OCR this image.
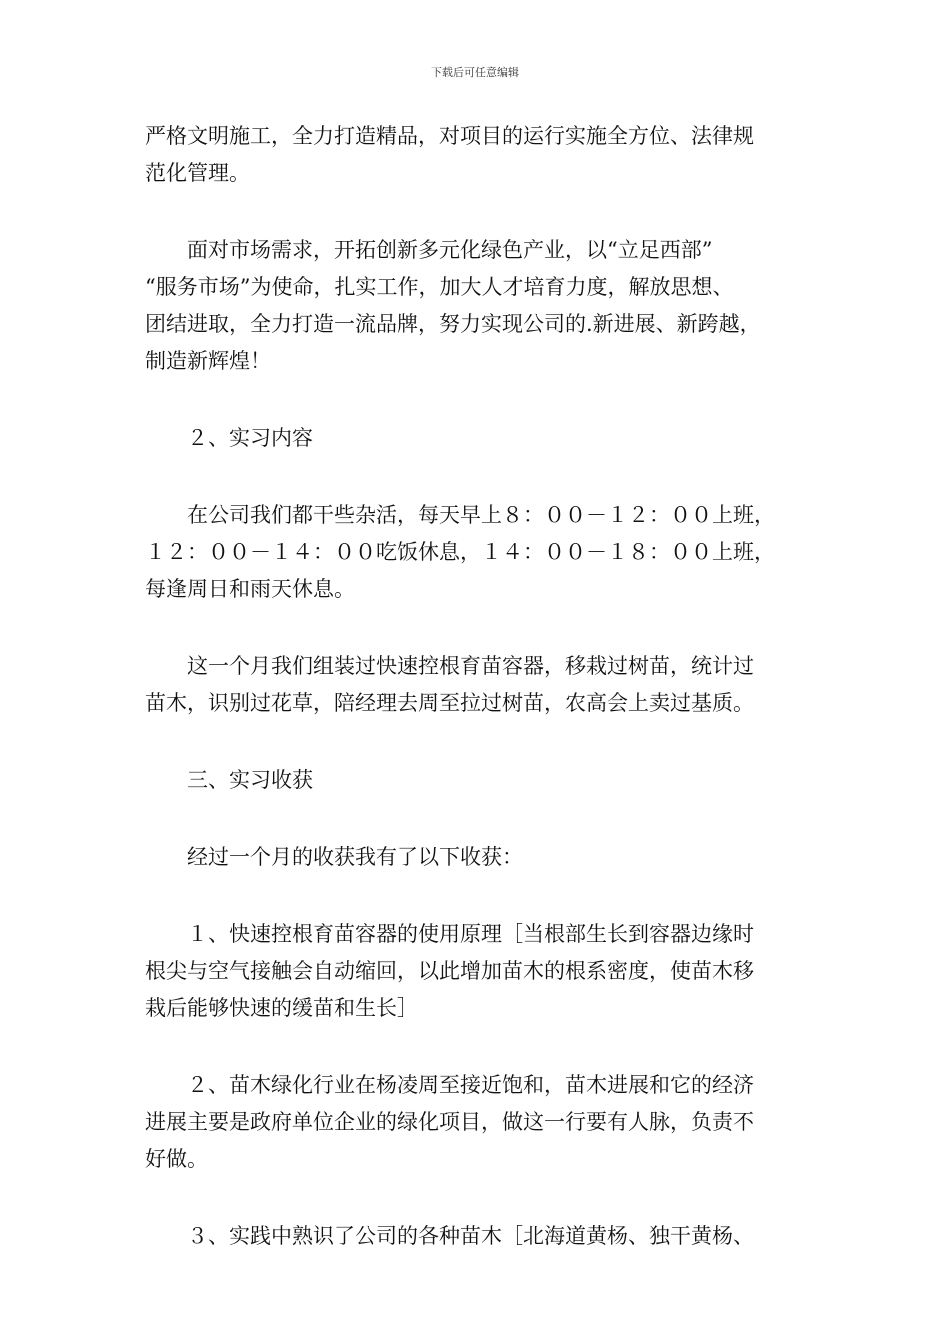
下载后可任意编辑

严格文明施工，全力打造精品，对项目的运行实施全方位、法律规
范化管理。

　　面对市场需求，开拓创新多元化绿色产业，以“立足西部”
“服务市场”为使命，扎实工作，加大人才培育力度，解放思想、
团结进取，全力打造一流品牌，努力实现公司的.新进展、新跨越，
制造新辉煌！

　　２、实习内容

　　在公司我们都干些杂活，每天早上８：００－１２：００上班，
１２：００－１４：００吃饭休息，１４：００－１８：００上班，
每逢周日和雨天休息。

　　这一个月我们组装过快速控根育苗容器，移栽过树苗，统计过
苗木，识别过花草，陪经理去周至拉过树苗，农高会上卖过基质。

　　三、实习收获

　　经过一个月的收获我有了以下收获：

　　１、快速控根育苗容器的使用原理［当根部生长到容器边缘时
根尖与空气接触会自动缩回，以此增加苗木的根系密度，使苗木移
栽后能够快速的缓苗和生长］

　　２、苗木绿化行业在杨凌周至接近饱和，苗木进展和它的经济
进展主要是政府单位企业的绿化项目，做这一行要有人脉，负责不
好做。

　　３、实践中熟识了公司的各种苗木［北海道黄杨、独干黄杨、
